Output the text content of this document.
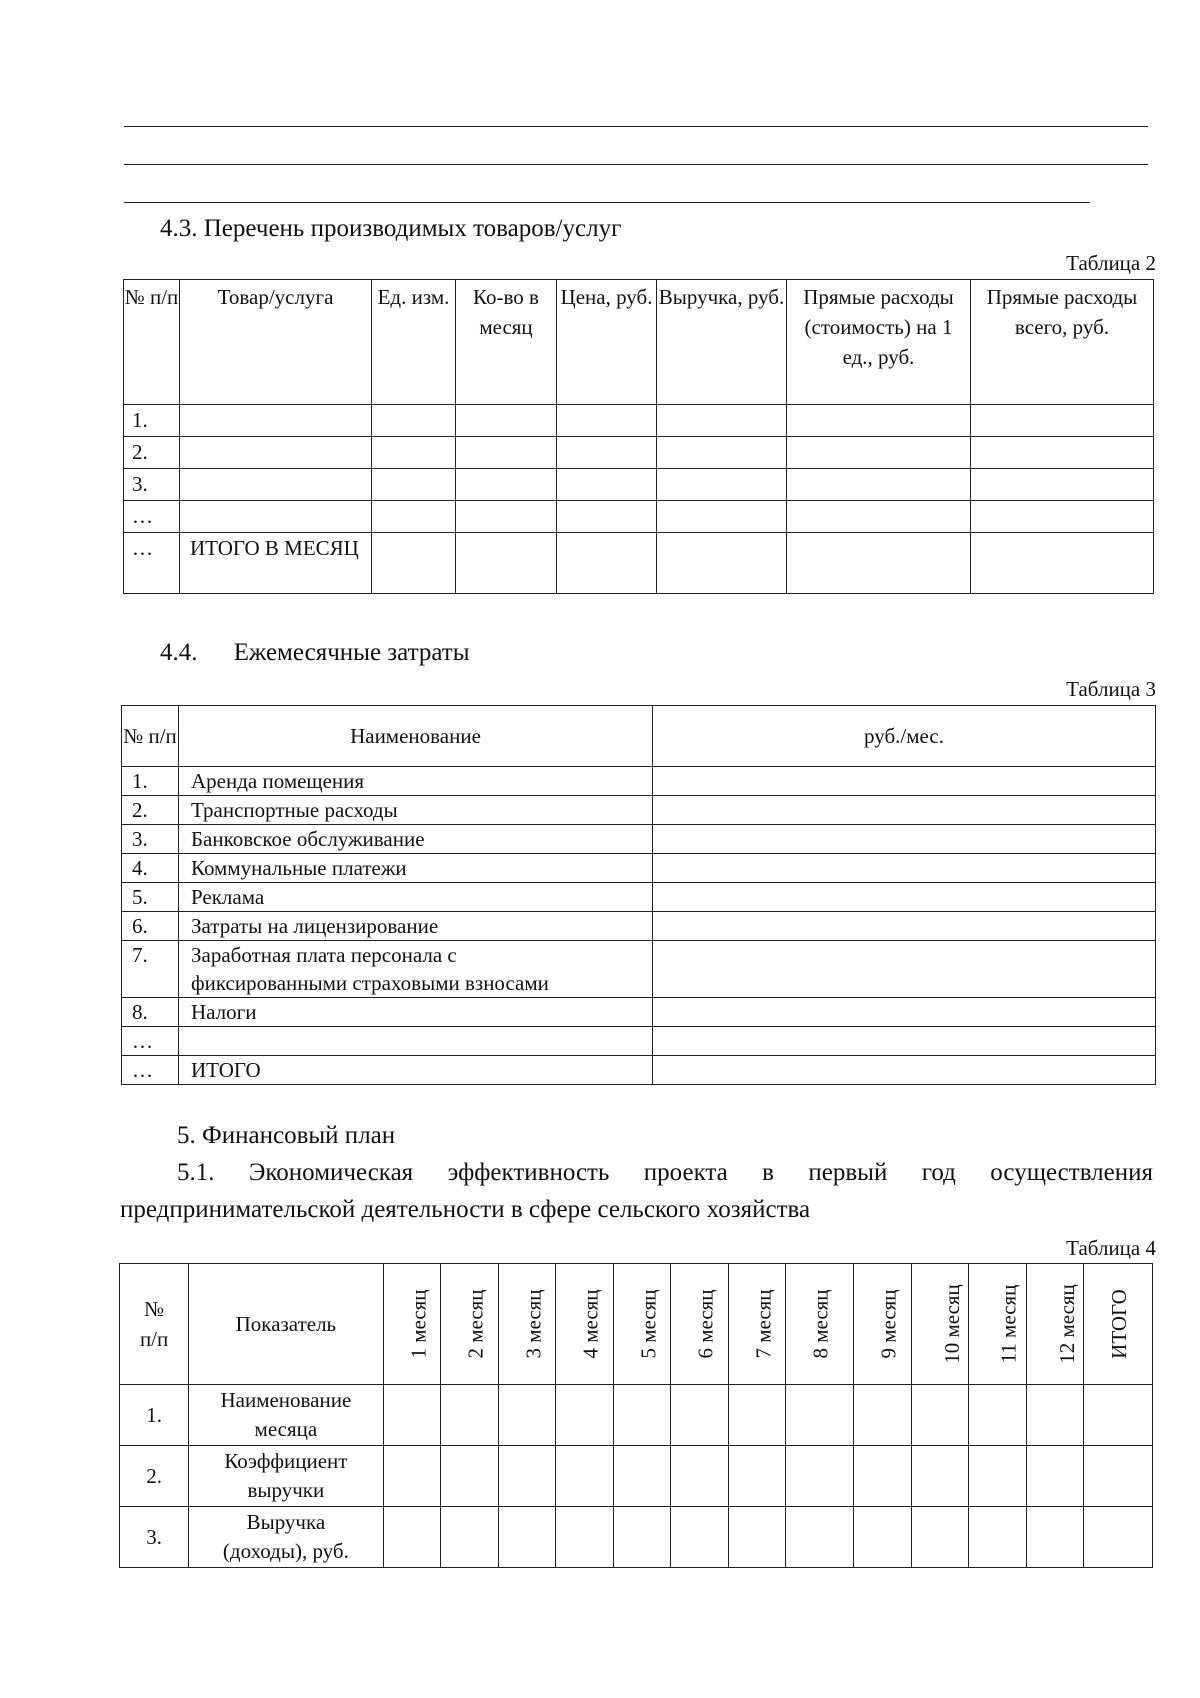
4.3. Перечень производимых товаров/услуг
Таблица 2
№ п/п	Товар/услуга	Ед. изм.	Ко-во в месяц	Цена, руб.	Выручка, руб.	Прямые расходы (стоимость) на 1 ед., руб.	Прямые расходы всего, руб.
1.							
2.							
3.							
…							
…	ИТОГО В МЕСЯЦ						
4.4. Ежемесячные затраты
Таблица 3
№ п/п	Наименование	руб./мес.
1.	Аренда помещения	
2.	Транспортные расходы	
3.	Банковское обслуживание	
4.	Коммунальные платежи	
5.	Реклама	
6.	Затраты на лицензирование	
7.	Заработная плата персонала с фиксированными страховыми взносами	
8.	Налоги	
…		
…	ИТОГО	
5. Финансовый план
5.1. Экономическая эффективность проекта в первый год осуществления
предпринимательской деятельности в сфере сельского хозяйства
Таблица 4
№ п/п	Показатель	1 месяц	2 месяц	3 месяц	4 месяц	5 месяц	6 месяц	7 месяц	8 месяц	9 месяц	10 месяц	11 месяц	12 месяц	ИТОГО
1.	Наименование месяца													
2.	Коэффициент выручки													
3.	Выручка (доходы), руб.													
